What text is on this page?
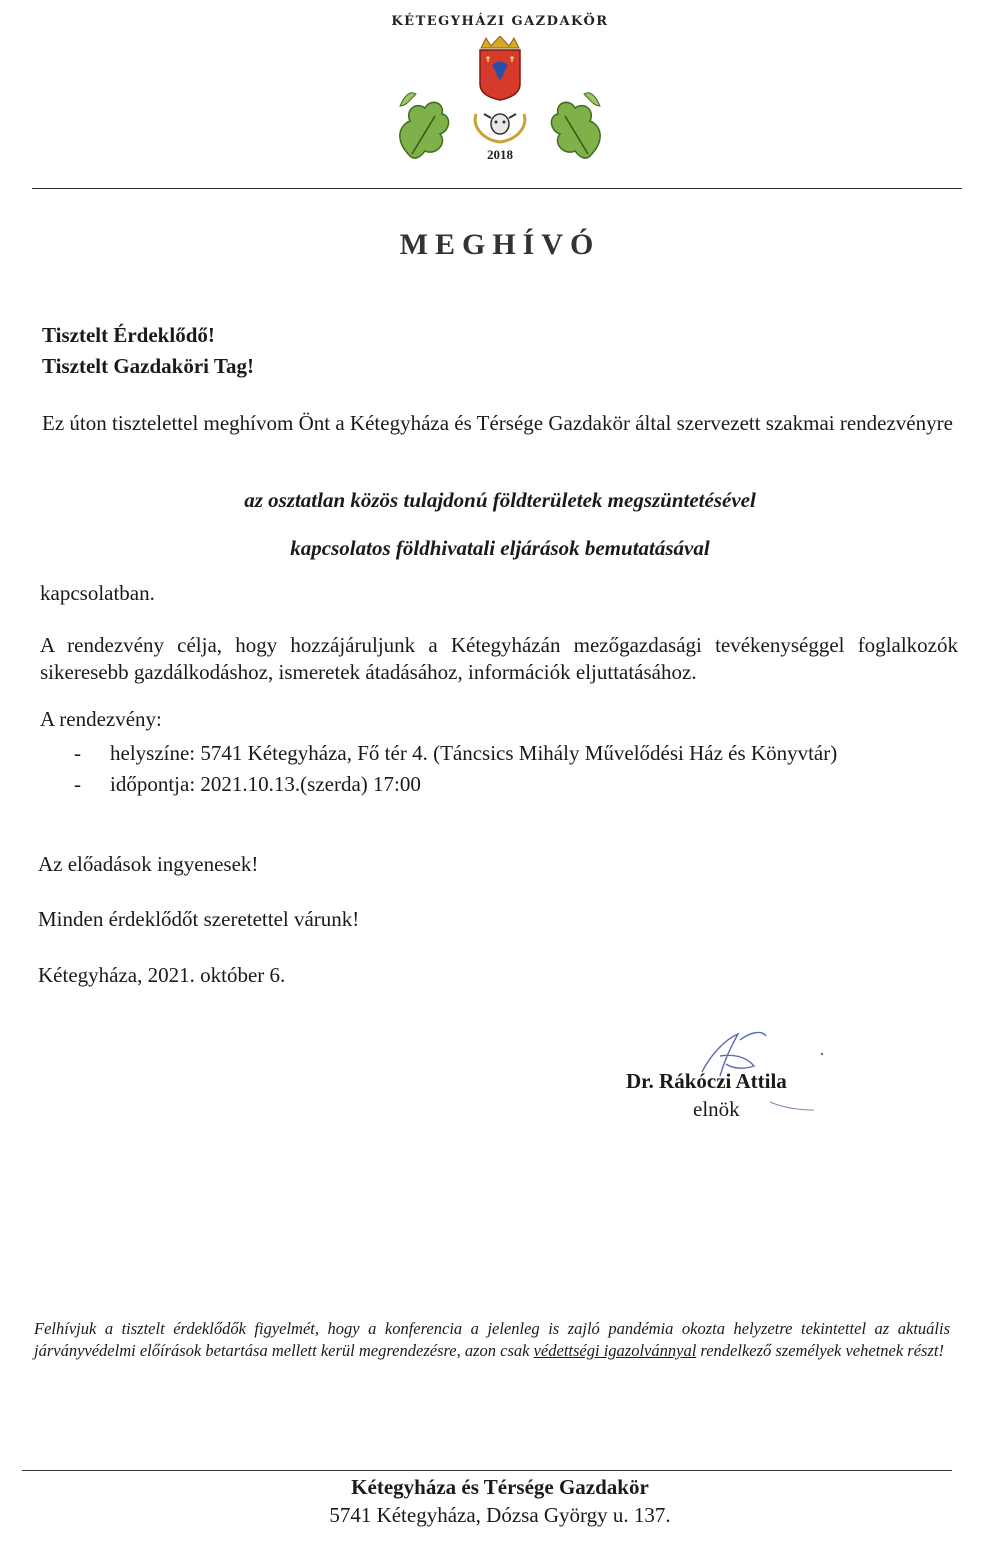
KÉTEGYHÁZI GAZDAKÖR
2018
MEGHÍVÓ
Tisztelt Érdeklődő!
Tisztelt Gazdaköri Tag!
Ez úton tisztelettel meghívom Önt a Kétegyháza és Térsége Gazdakör által szervezett szakmai rendezvényre
az osztatlan közös tulajdonú földterületek megszüntetésével
kapcsolatos földhivatali eljárások bemutatásával
kapcsolatban.
A rendezvény célja, hogy hozzájáruljunk a Kétegyházán mezőgazdasági tevékenységgel foglalkozók sikeresebb gazdálkodáshoz, ismeretek átadásához, információk eljuttatásához.
A rendezvény:
- helyszíne: 5741 Kétegyháza, Fő tér 4. (Táncsics Mihály Művelődési Ház és Könyvtár)
- időpontja: 2021.10.13.(szerda) 17:00
Az előadások ingyenesek!
Minden érdeklődőt szeretettel várunk!
Kétegyháza, 2021. október 6.
Dr. Rákóczi Attila
elnök
Felhívjuk a tisztelt érdeklődők figyelmét, hogy a konferencia a jelenleg is zajló pandémia okozta helyzetre tekintettel az aktuális járványvédelmi előírások betartása mellett kerül megrendezésre, azon csak védettségi igazolvánnyal rendelkező személyek vehetnek részt!
Kétegyháza és Térsége Gazdakör
5741 Kétegyháza, Dózsa György u. 137.
